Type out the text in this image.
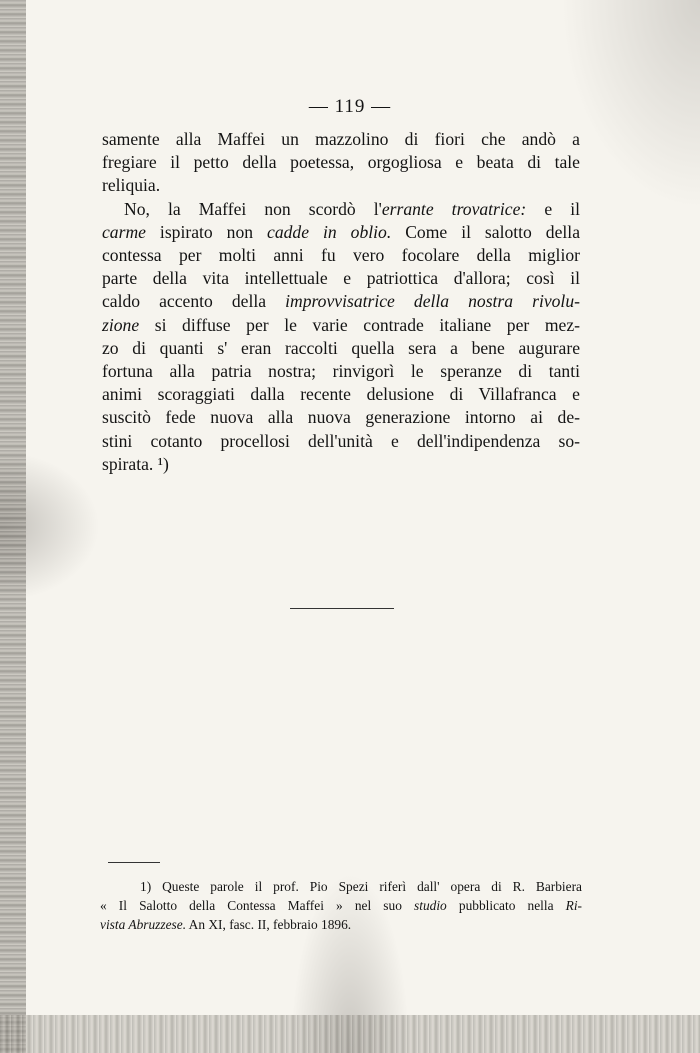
— 119 —
samente alla Maffei un mazzolino di fiori che andò a
fregiare il petto della poetessa, orgogliosa e beata di tale
reliquia.
No, la Maffei non scordò l'errante trovatrice: e il
carme ispirato non cadde in oblio. Come il salotto della
contessa per molti anni fu vero focolare della miglior
parte della vita intellettuale e patriottica d'allora; così il
caldo accento della improvvisatrice della nostra rivolu-
zione si diffuse per le varie contrade italiane per mez-
zo di quanti s' eran raccolti quella sera a bene augurare
fortuna alla patria nostra; rinvigorì le speranze di tanti
animi scoraggiati dalla recente delusione di Villafranca e
suscitò fede nuova alla nuova generazione intorno ai de-
stini cotanto procellosi dell'unità e dell'indipendenza so-
spirata. ¹)
1) Queste parole il prof. Pio Spezi riferì dall' opera di R. Barbiera
« Il Salotto della Contessa Maffei » nel suo studio pubblicato nella Ri-
vista Abruzzese. An XI, fasc. II, febbraio 1896.
